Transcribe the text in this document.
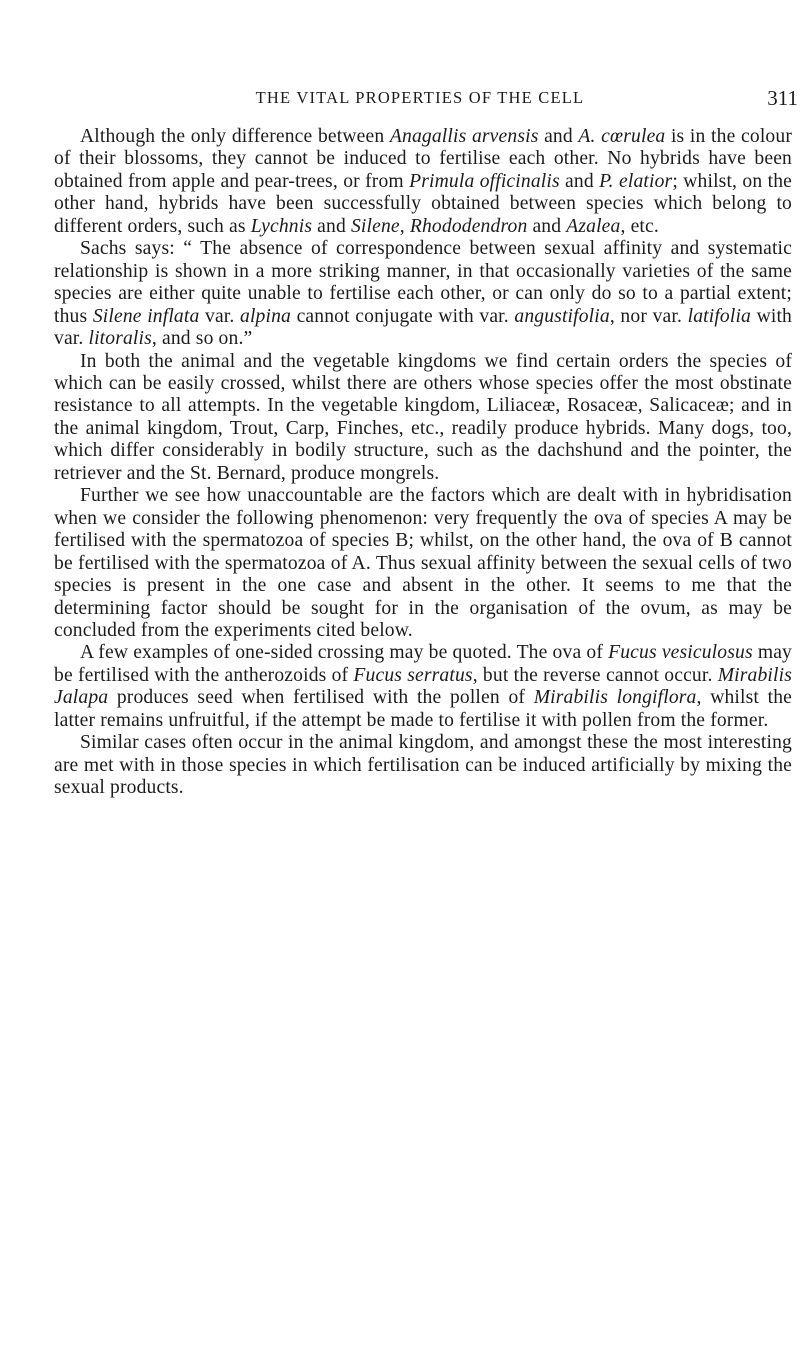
THE VITAL PROPERTIES OF THE CELL	311

Although the only difference between Anagallis arvensis and A. cœrulea is in the colour of their blossoms, they cannot be induced to fertilise each other. No hybrids have been obtained from apple and pear-trees, or from Primula officinalis and P. elatior; whilst, on the other hand, hybrids have been successfully obtained between species which belong to different orders, such as Lychnis and Silene, Rhododendron and Azalea, etc.

Sachs says: “ The absence of correspondence between sexual affinity and systematic relationship is shown in a more striking manner, in that occasionally varieties of the same species are either quite unable to fertilise each other, or can only do so to a partial extent; thus Silene inflata var. alpina cannot conjugate with var. angustifolia, nor var. latifolia with var. litoralis, and so on.”

In both the animal and the vegetable kingdoms we find certain orders the species of which can be easily crossed, whilst there are others whose species offer the most obstinate resistance to all attempts. In the vegetable kingdom, Liliaceæ, Rosaceæ, Salicaceæ; and in the animal kingdom, Trout, Carp, Finches, etc., readily produce hybrids. Many dogs, too, which differ considerably in bodily structure, such as the dachshund and the pointer, the retriever and the St. Bernard, produce mongrels.

Further we see how unaccountable are the factors which are dealt with in hybridisation when we consider the following phenomenon: very frequently the ova of species A may be fertilised with the spermatozoa of species B; whilst, on the other hand, the ova of B cannot be fertilised with the spermatozoa of A. Thus sexual affinity between the sexual cells of two species is present in the one case and absent in the other. It seems to me that the determining factor should be sought for in the organisation of the ovum, as may be concluded from the experiments cited below.

A few examples of one-sided crossing may be quoted. The ova of Fucus vesiculosus may be fertilised with the antherozoids of Fucus serratus, but the reverse cannot occur. Mirabilis Jalapa produces seed when fertilised with the pollen of Mirabilis longiflora, whilst the latter remains unfruitful, if the attempt be made to fertilise it with pollen from the former.

Similar cases often occur in the animal kingdom, and amongst these the most interesting are met with in those species in which fertilisation can be induced artificially by mixing the sexual products.
